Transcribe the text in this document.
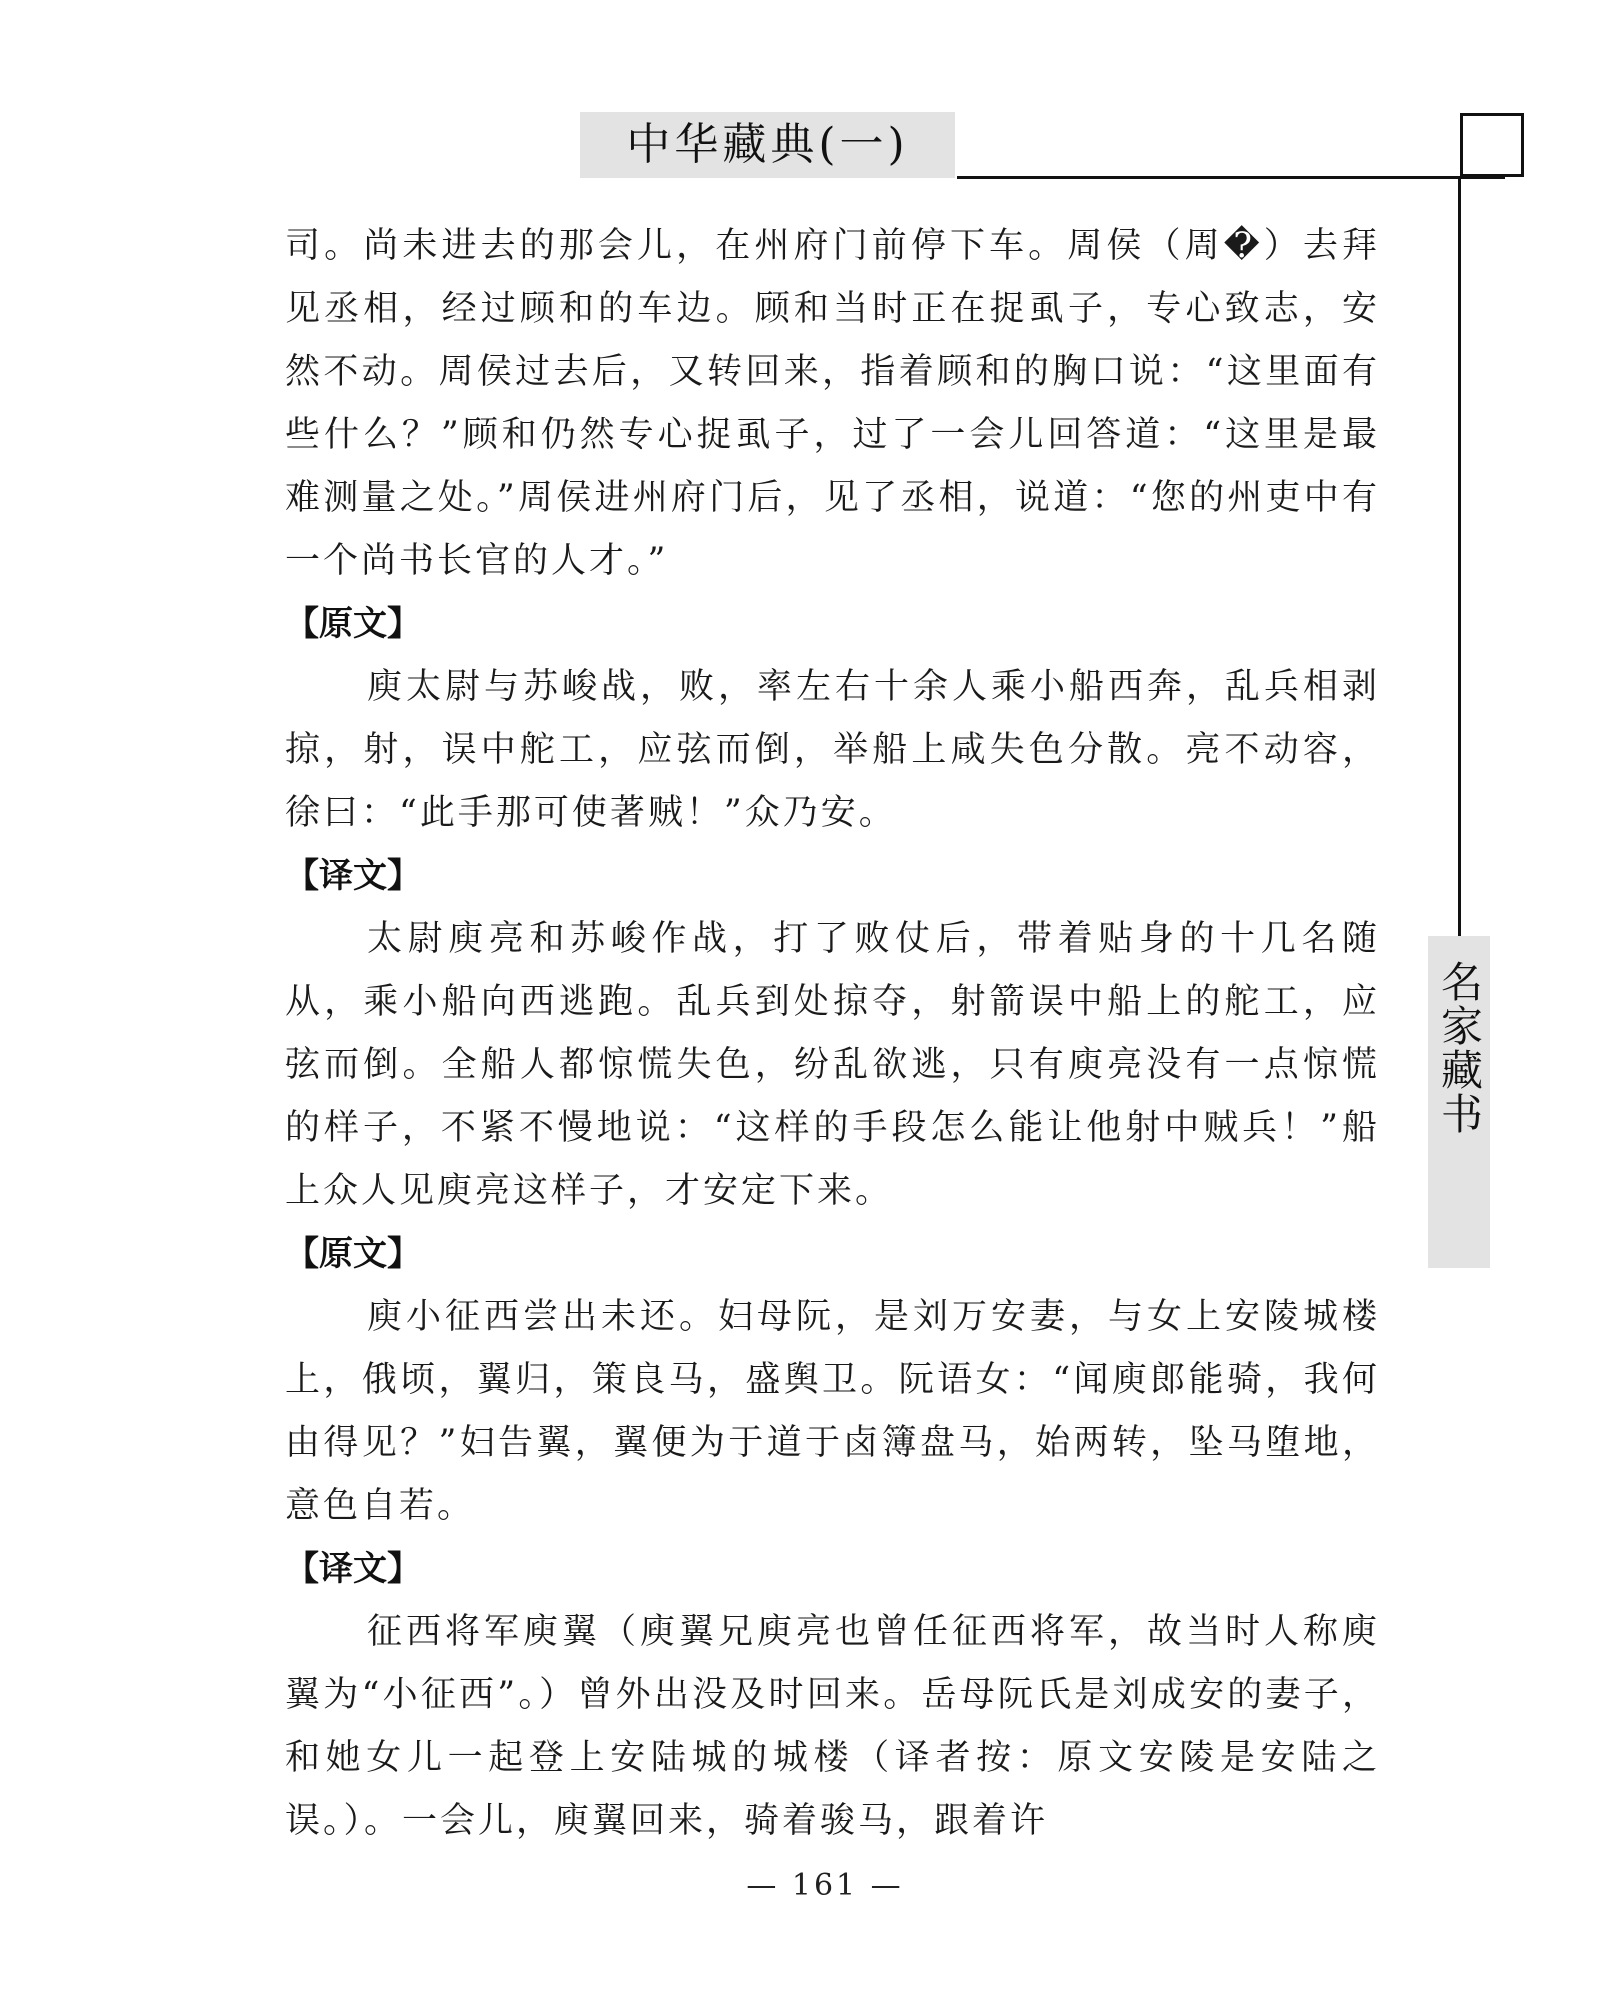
中华藏典(一)
名家藏书

司。尚未进去的那会儿，在州府门前停下车。周侯（周�）去拜见丞相，经过顾和的车边。顾和当时正在捉虱子，专心致志，安然不动。周侯过去后，又转回来，指着顾和的胸口说：“这里面有些什么？”顾和仍然专心捉虱子，过了一会儿回答道：“这里是最难测量之处。”周侯进州府门后，见了丞相，说道：“您的州吏中有一个尚书长官的人才。”

【原文】

庾太尉与苏峻战，败，率左右十余人乘小船西奔，乱兵相剥掠，射，误中舵工，应弦而倒，举船上咸失色分散。亮不动容，徐曰：“此手那可使著贼！”众乃安。

【译文】

太尉庾亮和苏峻作战，打了败仗后，带着贴身的十几名随从，乘小船向西逃跑。乱兵到处掠夺，射箭误中船上的舵工，应弦而倒。全船人都惊慌失色，纷乱欲逃，只有庾亮没有一点惊慌的样子，不紧不慢地说：“这样的手段怎么能让他射中贼兵！”船上众人见庾亮这样子，才安定下来。

【原文】

庾小征西尝出未还。妇母阮，是刘万安妻，与女上安陵城楼上，俄顷，翼归，策良马，盛舆卫。阮语女：“闻庾郎能骑，我何由得见？”妇告翼，翼便为于道于卤簿盘马，始两转，坠马堕地，意色自若。

【译文】

征西将军庾翼（庾翼兄庾亮也曾任征西将军，故当时人称庾翼为“小征西”。）曾外出没及时回来。岳母阮氏是刘成安的妻子，和她女儿一起登上安陆城的城楼（译者按：原文安陵是安陆之误。）。一会儿，庾翼回来，骑着骏马，跟着许

— 161 —
